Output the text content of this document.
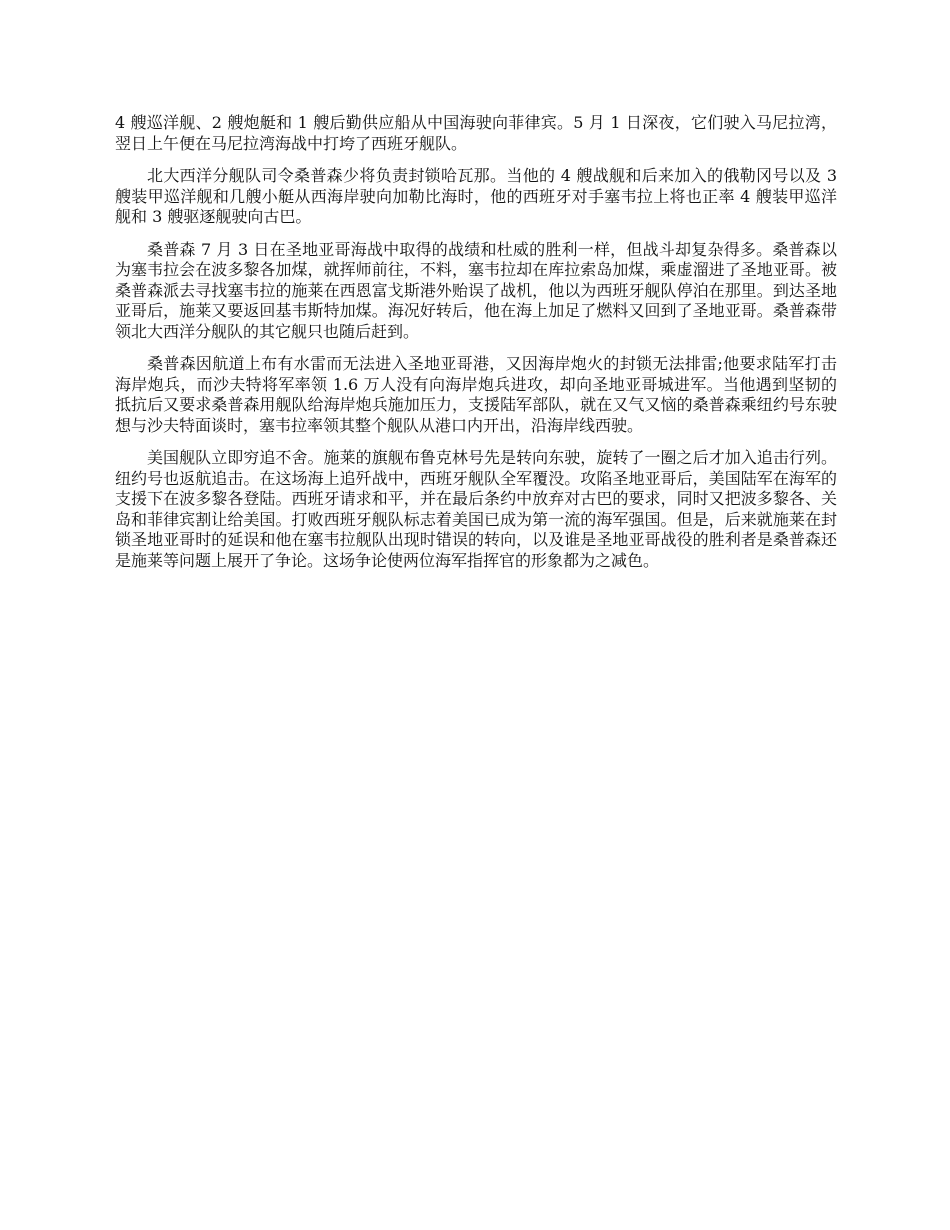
4 艘巡洋舰、2 艘炮艇和 1 艘后勤供应船从中国海驶向菲律宾。5 月 1 日深夜，它们驶入马尼拉湾，翌日上午便在马尼拉湾海战中打垮了西班牙舰队。

北大西洋分舰队司令桑普森少将负责封锁哈瓦那。当他的 4 艘战舰和后来加入的俄勒冈号以及 3 艘装甲巡洋舰和几艘小艇从西海岸驶向加勒比海时，他的西班牙对手塞韦拉上将也正率 4 艘装甲巡洋舰和 3 艘驱逐舰驶向古巴。

桑普森 7 月 3 日在圣地亚哥海战中取得的战绩和杜威的胜利一样，但战斗却复杂得多。桑普森以为塞韦拉会在波多黎各加煤，就挥师前往，不料，塞韦拉却在库拉索岛加煤，乘虚溜进了圣地亚哥。被桑普森派去寻找塞韦拉的施莱在西恩富戈斯港外贻误了战机，他以为西班牙舰队停泊在那里。到达圣地亚哥后，施莱又要返回基韦斯特加煤。海况好转后，他在海上加足了燃料又回到了圣地亚哥。桑普森带领北大西洋分舰队的其它舰只也随后赶到。

桑普森因航道上布有水雷而无法进入圣地亚哥港，又因海岸炮火的封锁无法排雷;他要求陆军打击海岸炮兵，而沙夫特将军率领 1.6 万人没有向海岸炮兵进攻，却向圣地亚哥城进军。当他遇到坚韧的抵抗后又要求桑普森用舰队给海岸炮兵施加压力，支援陆军部队，就在又气又恼的桑普森乘纽约号东驶想与沙夫特面谈时，塞韦拉率领其整个舰队从港口内开出，沿海岸线西驶。

美国舰队立即穷追不舍。施莱的旗舰布鲁克林号先是转向东驶，旋转了一圈之后才加入追击行列。纽约号也返航追击。在这场海上追歼战中，西班牙舰队全军覆没。攻陷圣地亚哥后，美国陆军在海军的支援下在波多黎各登陆。西班牙请求和平，并在最后条约中放弃对古巴的要求，同时又把波多黎各、关岛和菲律宾割让给美国。打败西班牙舰队标志着美国已成为第一流的海军强国。但是，后来就施莱在封锁圣地亚哥时的延误和他在塞韦拉舰队出现时错误的转向，以及谁是圣地亚哥战役的胜利者是桑普森还是施莱等问题上展开了争论。这场争论使两位海军指挥官的形象都为之减色。
